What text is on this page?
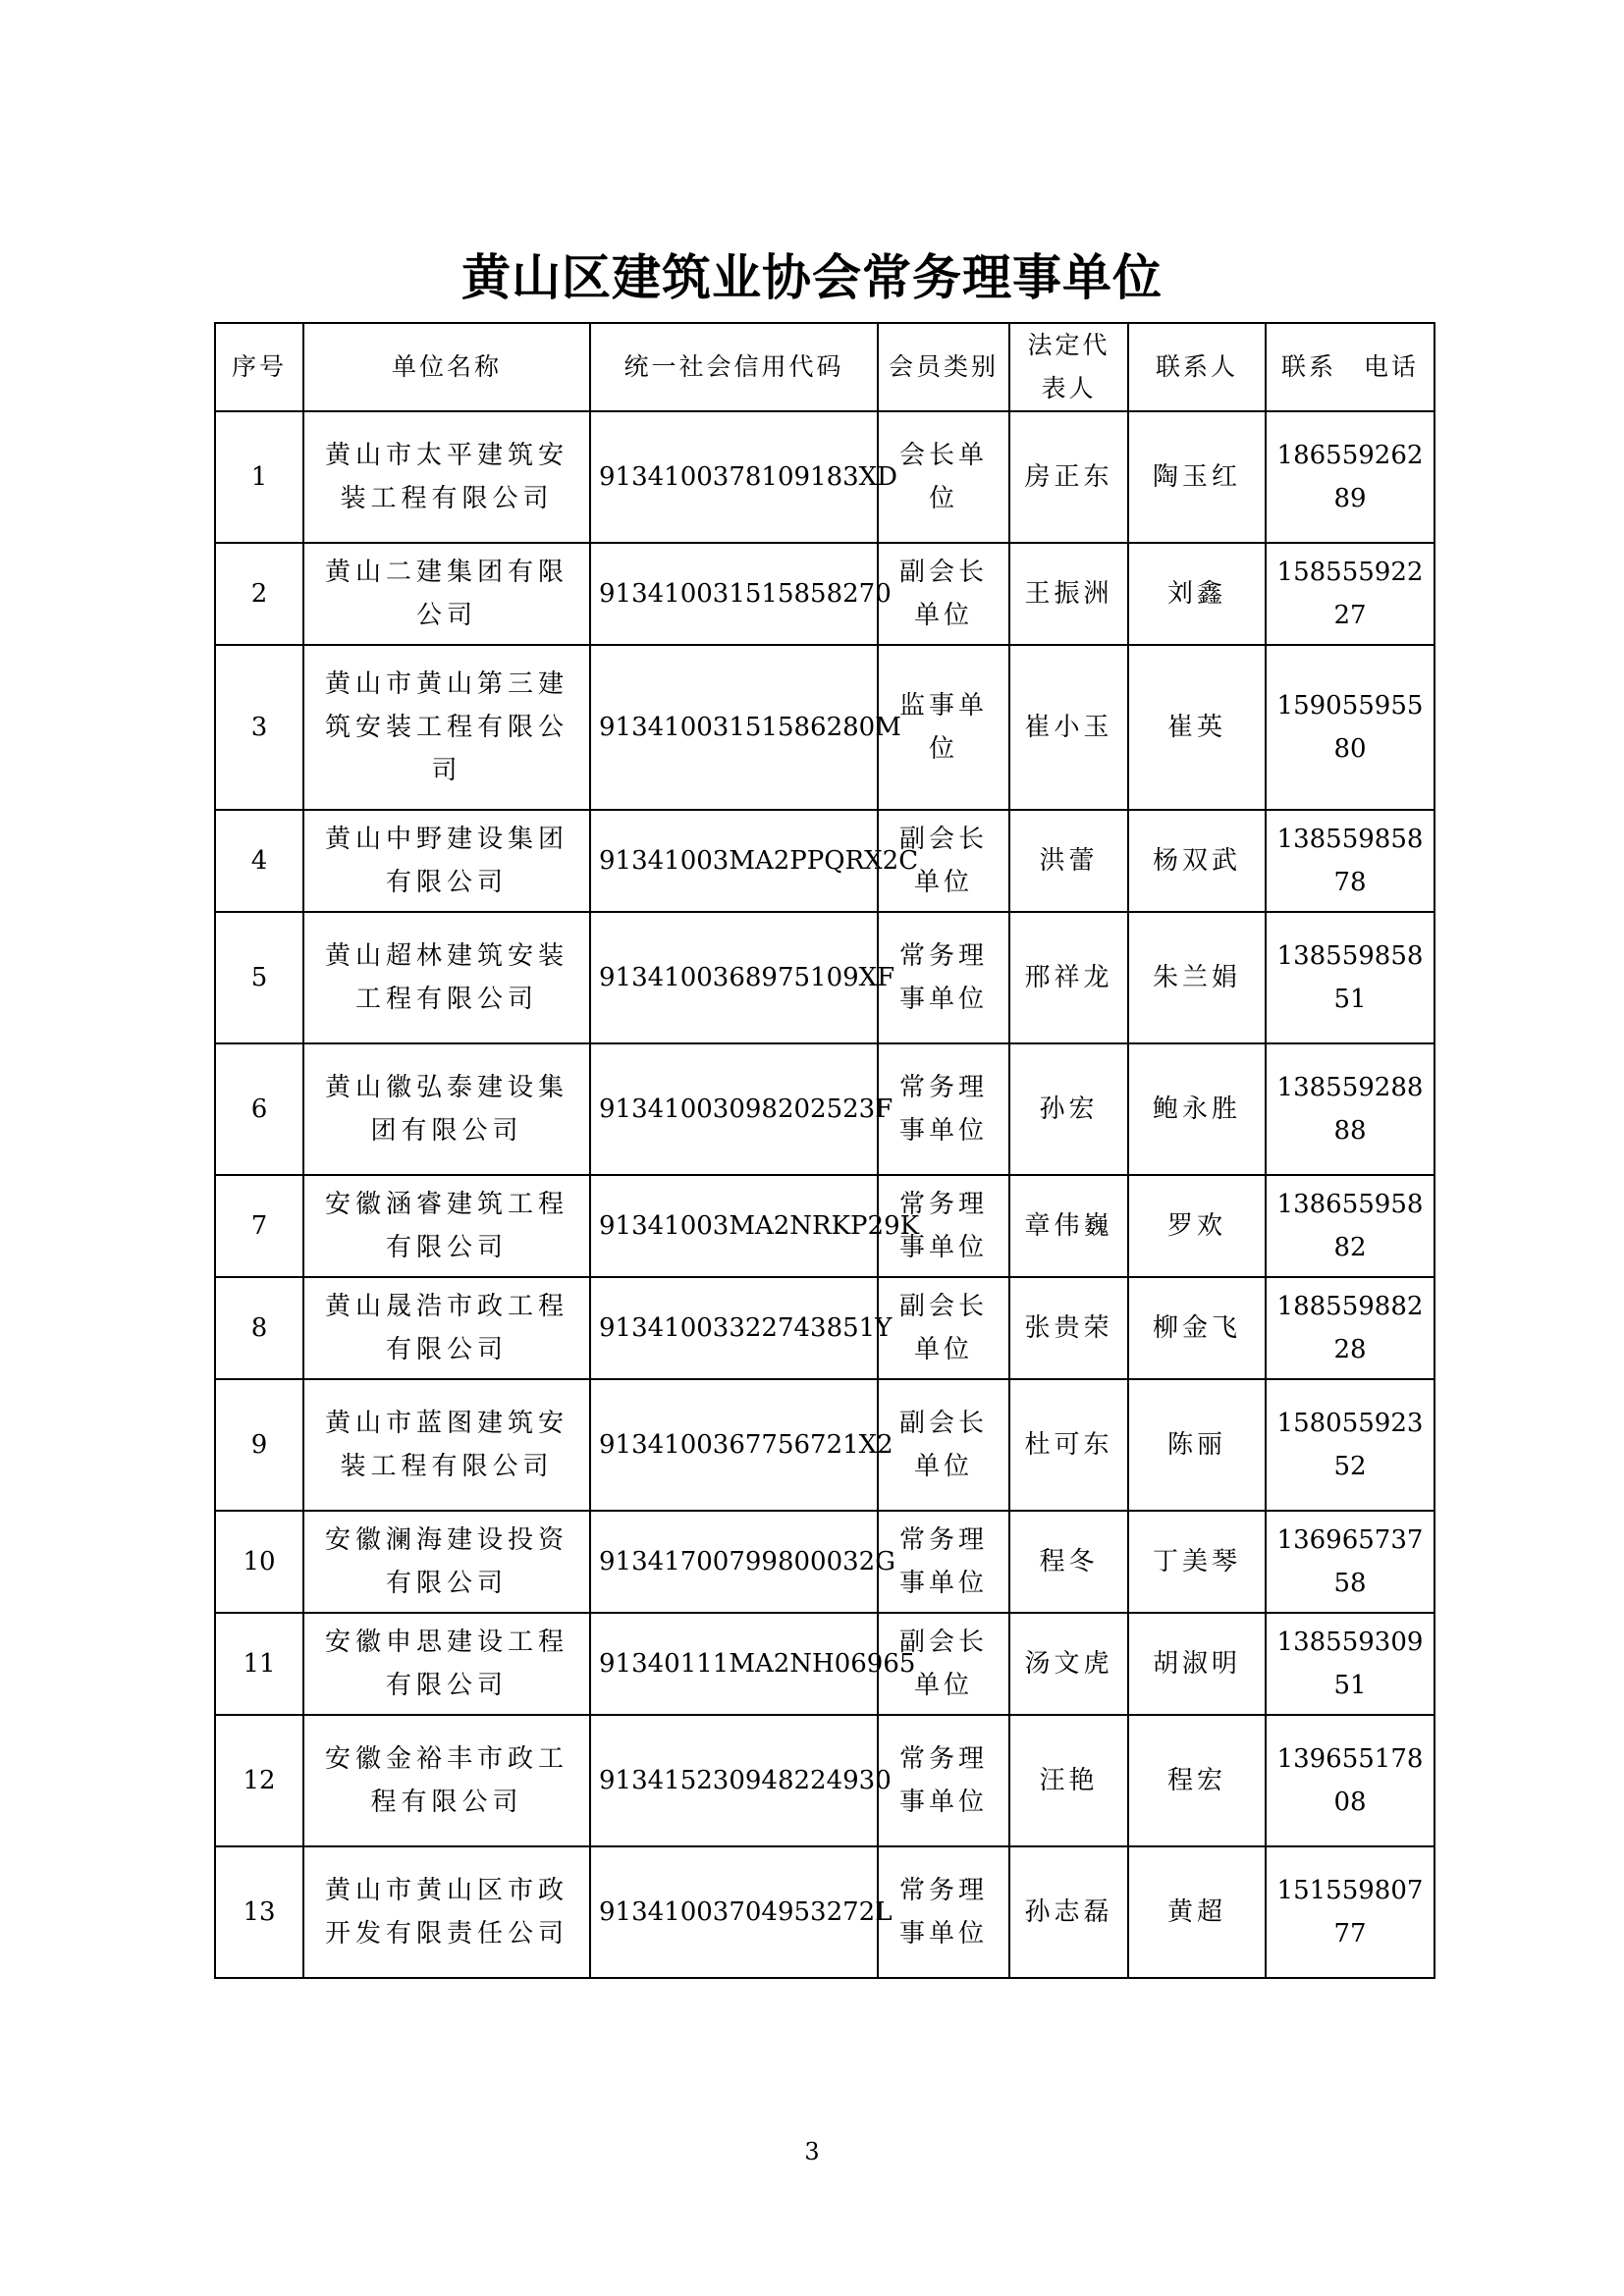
黄山区建筑业协会常务理事单位
序号	单位名称	统一社会信用代码	会员类别	法定代表人	联系人	联系　电话
1	黄山市太平建筑安装工程有限公司	9134100378109183XD	会长单位	房正东	陶玉红	18655926289
2	黄山二建集团有限公司	913410031515858270	副会长单位	王振洲	刘鑫	15855592227
3	黄山市黄山第三建筑安装工程有限公司	91341003151586280M	监事单位	崔小玉	崔英	15905595580
4	黄山中野建设集团有限公司	91341003MA2PPQRX2C	副会长单位	洪蕾	杨双武	13855985878
5	黄山超林建筑安装工程有限公司	9134100368975109XF	常务理事单位	邢祥龙	朱兰娟	13855985851
6	黄山徽弘泰建设集团有限公司	91341003098202523F	常务理事单位	孙宏	鲍永胜	13855928888
7	安徽涵睿建筑工程有限公司	91341003MA2NRKP29K	常务理事单位	章伟巍	罗欢	13865595882
8	黄山晟浩市政工程有限公司	91341003322743851Y	副会长单位	张贵荣	柳金飞	18855988228
9	黄山市蓝图建筑安装工程有限公司	9134100367756721X2	副会长单位	杜可东	陈丽	15805592352
10	安徽澜海建设投资有限公司	91341700799800032G	常务理事单位	程冬	丁美琴	13696573758
11	安徽申思建设工程有限公司	91340111MA2NH06965	副会长单位	汤文虎	胡淑明	13855930951
12	安徽金裕丰市政工程有限公司	913415230948224930	常务理事单位	汪艳	程宏	13965517808
13	黄山市黄山区市政开发有限责任公司	91341003704953272L	常务理事单位	孙志磊	黄超	15155980777
3
